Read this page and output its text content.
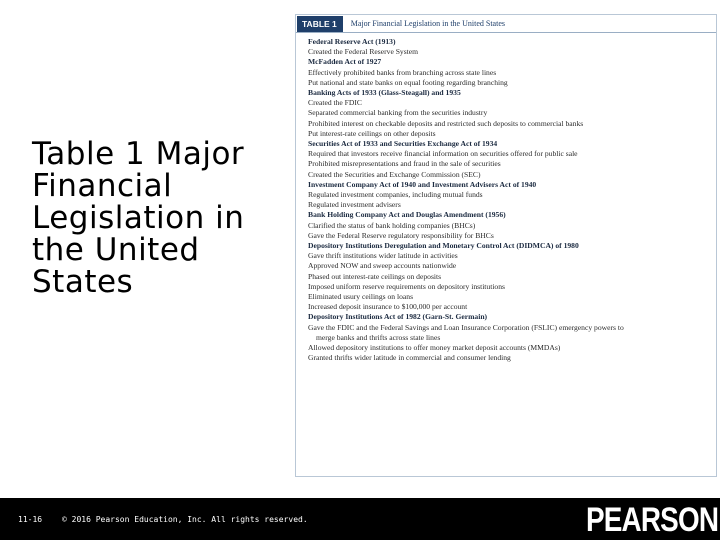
Table 1 Major Financial Legislation in the United States
TABLE 1	Major Financial Legislation in the United States
Federal Reserve Act (1913)
Created the Federal Reserve System
McFadden Act of 1927
Effectively prohibited banks from branching across state lines
Put national and state banks on equal footing regarding branching
Banking Acts of 1933 (Glass-Steagall) and 1935
Created the FDIC
Separated commercial banking from the securities industry
Prohibited interest on checkable deposits and restricted such deposits to commercial banks
Put interest-rate ceilings on other deposits
Securities Act of 1933 and Securities Exchange Act of 1934
Required that investors receive financial information on securities offered for public sale
Prohibited misrepresentations and fraud in the sale of securities
Created the Securities and Exchange Commission (SEC)
Investment Company Act of 1940 and Investment Advisers Act of 1940
Regulated investment companies, including mutual funds
Regulated investment advisers
Bank Holding Company Act and Douglas Amendment (1956)
Clarified the status of bank holding companies (BHCs)
Gave the Federal Reserve regulatory responsibility for BHCs
Depository Institutions Deregulation and Monetary Control Act (DIDMCA) of 1980
Gave thrift institutions wider latitude in activities
Approved NOW and sweep accounts nationwide
Phased out interest-rate ceilings on deposits
Imposed uniform reserve requirements on depository institutions
Eliminated usury ceilings on loans
Increased deposit insurance to $100,000 per account
Depository Institutions Act of 1982 (Garn-St. Germain)
Gave the FDIC and the Federal Savings and Loan Insurance Corporation (FSLIC) emergency powers to
merge banks and thrifts across state lines
Allowed depository institutions to offer money market deposit accounts (MMDAs)
Granted thrifts wider latitude in commercial and consumer lending
11-16 © 2016 Pearson Education, Inc. All rights reserved.	PEARSON
